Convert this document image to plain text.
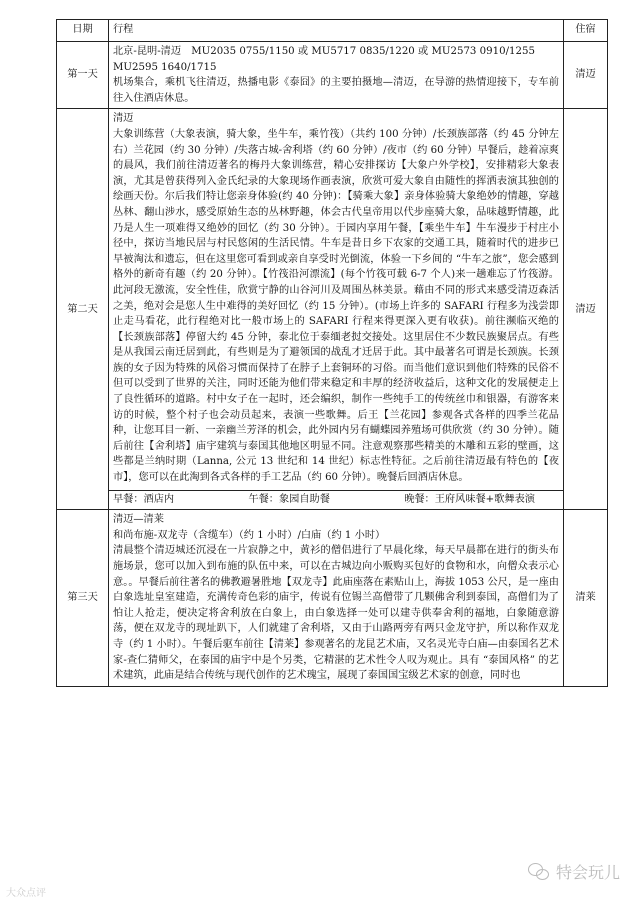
日期	行程	住宿
第一天	北京-昆明-清迈　MU2035 0755/1150 或 MU5717 0835/1220 或 MU2573 0910/1255

MU2595 1640/1715

机场集合，乘机飞往清迈，热播电影《泰囧》的主要拍摄地—清迈，在导游的热情迎接下，专车前往入住酒店休息。	清迈
第二天	清迈

大象训练营（大象表演，骑大象，坐牛车，乘竹筏）（共约 100 分钟）/长颈族部落（约 45 分钟左右）兰花园（约 30 分钟）/失落古城-舍利塔（约 60 分钟）/夜市（约 60 分钟）早餐后，趁着凉爽的晨风，我们前往清迈著名的梅丹大象训练营，精心安排探访【大象户外学校】，安排精彩大象表演，尤其是曾获得列入金氏纪录的大象现场作画表演，欣赏可爱大象自由随性的挥洒表演其独创的绘画天份。尔后我们特让您亲身体验(约 40 分钟)：【骑乘大象】亲身体验骑大象绝妙的情趣，穿越丛林、翻山涉水，感受原始生态的丛林野趣，体会古代皇帝用以代步座骑大象，品味越野情趣，此乃是人生一项难得又绝妙的回忆（约 30 分钟）。于园内享用午餐，【乘坐牛车】牛车漫步于村庄小径中，探访当地民居与村民悠闲的生活民情。牛车是昔日乡下农家的交通工具，随着时代的进步已早被淘汰和遗忘，但在这里您可看到或亲自享受时光倒流，体验一下乡间的 “牛车之旅”，您会感到格外的新奇有趣（约 20 分钟）。【竹筏沿河漂流】(每个竹筏可载 6-7 个人)来一趟难忘了竹筏游。此河段无激流，安全性佳，欣赏宁静的山谷河川及周围丛林美景。藉由不同的形式来感受清迈森活之美，绝对会是您人生中难得的美好回忆（约 15 分钟）。(市场上许多的 SAFARI 行程多为浅尝即止走马看花，此行程绝对比一般市场上的 SAFARI 行程来得更深入更有收获)。前往濒临灭绝的【长颈族部落】停留大约 45 分钟，泰北位于泰缅老挝交接处。这里居住不少数民族聚居点。有些是从我国云南迁居到此，有些则是为了避领国的战乱才迁居于此。其中最著名可谓是长颈族。长颈族的女子因为特殊的风俗习惯而保持了在脖子上套铜环的习俗。而当他们意识到他们特殊的民俗不但可以受到了世界的关注，同时还能为他们带来稳定和丰厚的经济收益后，这种文化的发展便走上了良性循环的道路。村中女子在一起时，还会编织，制作一些纯手工的传统丝巾和银器，有游客来访的时候，整个村子也会动员起来，表演一些歌舞。后王【兰花园】参观各式各样的四季兰花品种，让您耳目一新、一亲幽兰芳泽的机会，此外园内另有蝴蝶园养殖场可供欣赏（约 30 分钟）。随后前往【舍利塔】庙宇建筑与泰国其他地区明显不同。注意观察那些精美的木雕和五彩的壁画，这些都是兰纳时期（Lanna, 公元 13 世纪和 14 世纪）标志性特征。之后前往清迈最有特色的【夜市】，您可以在此淘到各式各样的手工艺品（约 60 分钟）。晚餐后回酒店休息。

早餐：酒店内 午餐：象园自助餐 晚餐：王府风味餐+歌舞表演	清迈
第三天	清迈—清莱

和尚布施-双龙寺（含缆车）（约 1 小时）/白庙（约 1 小时）

清晨整个清迈城还沉浸在一片寂静之中，黄衫的僧侣进行了早晨化缘，每天早晨都在进行的街头布施场景，您可以加入到布施的队伍中来，可以在古城边向小贩购买包好的食物和水，向僧众表示心意。。早餐后前往著名的佛教避暑胜地【双龙寺】此庙座落在素贴山上，海拔 1053 公尺，是一座由白象选址皇室建造，充满传奇色彩的庙宇，传说有位锡兰高僧带了几颗佛舍利到泰国，高僧们为了怕让人抢走，便决定将舍利放在白象上，由白象选择一处可以建寺供奉舍利的福地，白象随意游荡，便在双龙寺的现址趴下，人们就建了舍利塔，又由于山路两旁有两只金龙守护，所以称作双龙寺（约 1 小时）。午餐后驱车前往【清莱】参观著名的龙昆艺术庙，又名灵光寺白庙—由泰国名艺术家-查仁猜师父，在泰国的庙宇中是个另类，它精湛的艺术性令人叹为观止。具有 “泰国风格” 的艺术建筑，此庙是结合传统与现代创作的艺术瑰宝，展现了泰国国宝级艺术家的创意，同时也	清莱
特会玩儿
大众点评
